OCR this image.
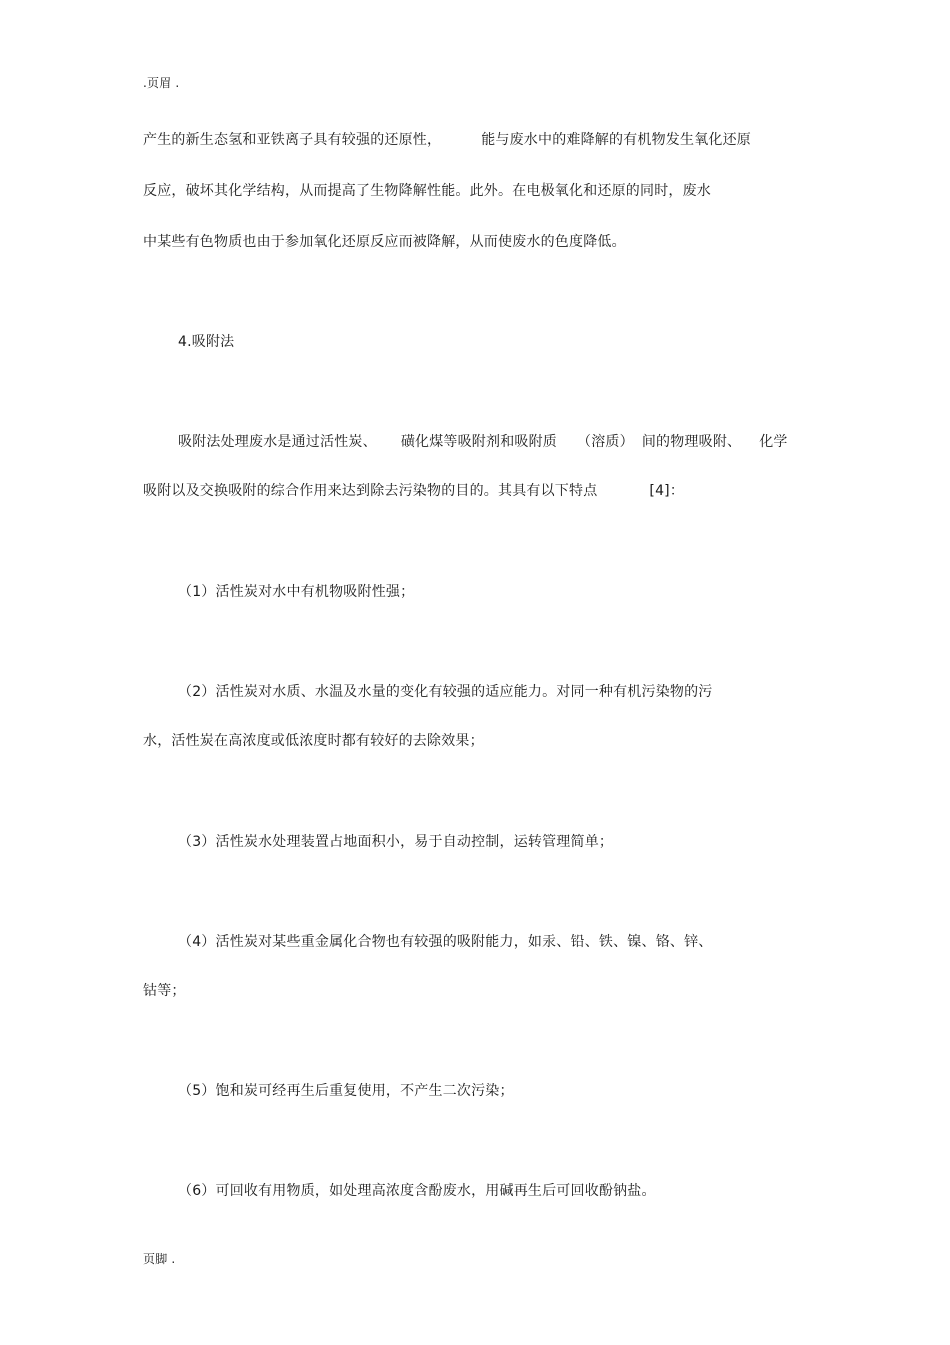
.页眉 .
产生的新生态氢和亚铁离子具有较强的还原性，	能与废水中的难降解的有机物发生氧化还原
反应，破坏其化学结构，从而提高了生物降解性能。此外。在电极氧化和还原的同时，废水
中某些有色物质也由于参加氧化还原反应而被降解，从而使废水的色度降低。
4.吸附法
吸附法处理废水是通过活性炭、 磺化煤等吸附剂和吸附质 （溶质） 间的物理吸附、 化学
吸附以及交换吸附的综合作用来达到除去污染物的目的。其具有以下特点	[4]：
（1）活性炭对水中有机物吸附性强；
（2）活性炭对水质、水温及水量的变化有较强的适应能力。对同一种有机污染物的污
水，活性炭在高浓度或低浓度时都有较好的去除效果；
（3）活性炭水处理装置占地面积小，易于自动控制，运转管理简单；
（4）活性炭对某些重金属化合物也有较强的吸附能力，如汞、铅、铁、镍、铬、锌、
钴等；
（5）饱和炭可经再生后重复使用，不产生二次污染；
（6）可回收有用物质，如处理高浓度含酚废水，用碱再生后可回收酚钠盐。
页脚 .
